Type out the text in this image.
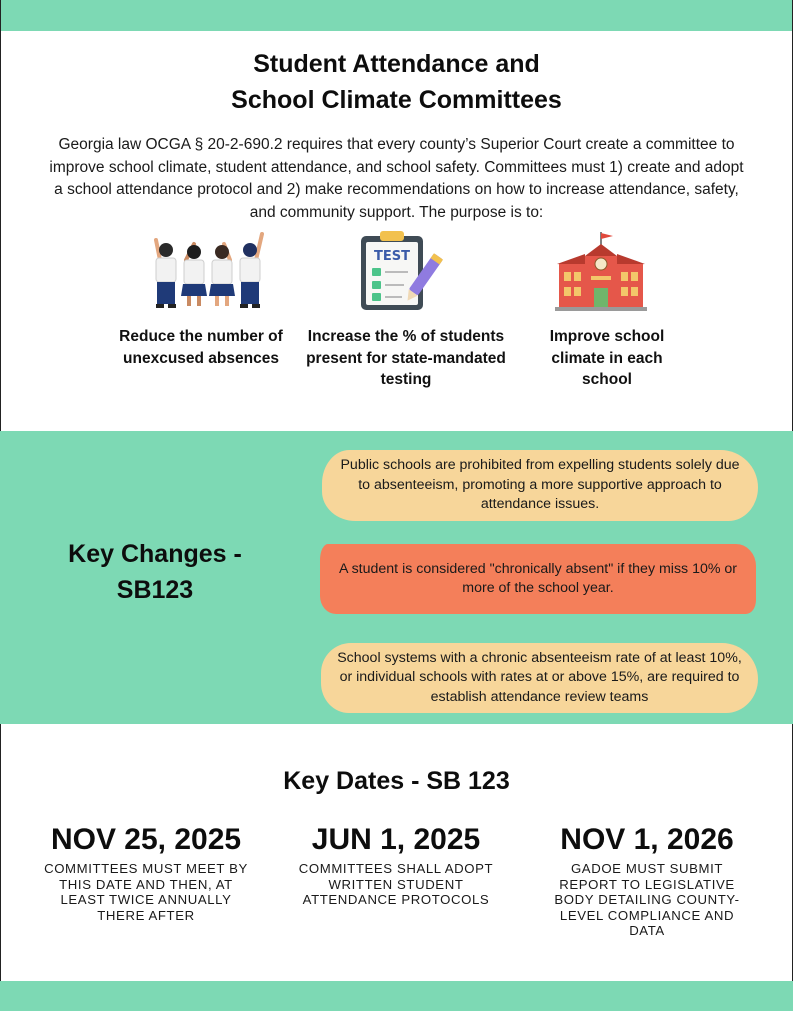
Student Attendance and
School Climate Committees
Georgia law OCGA § 20-2-690.2 requires that every county’s Superior Court create a committee to improve school climate, student attendance, and school safety. Committees must 1) create and adopt a school attendance protocol and 2) make recommendations on how to increase attendance, safety, and community support. The purpose is to:
TEST
Reduce the number of unexcused absences
Increase the % of students present for state-mandated testing
Improve school climate in each school
Key Changes -
SB123
Public schools are prohibited from expelling students solely due to absenteeism, promoting a more supportive approach to attendance issues.
A student is considered "chronically absent" if they miss 10% or more of the school year.
School systems with a chronic absenteeism rate of at least 10%, or individual schools with rates at or above 15%, are required to establish attendance review teams
Key Dates - SB 123
NOV 25, 2025
COMMITTEES MUST MEET BY THIS DATE AND THEN, AT LEAST TWICE ANNUALLY THERE AFTER
JUN 1, 2025
COMMITTEES SHALL ADOPT WRITTEN STUDENT ATTENDANCE PROTOCOLS
NOV 1, 2026
GADOE MUST SUBMIT REPORT TO LEGISLATIVE BODY DETAILING COUNTY-LEVEL COMPLIANCE AND DATA
